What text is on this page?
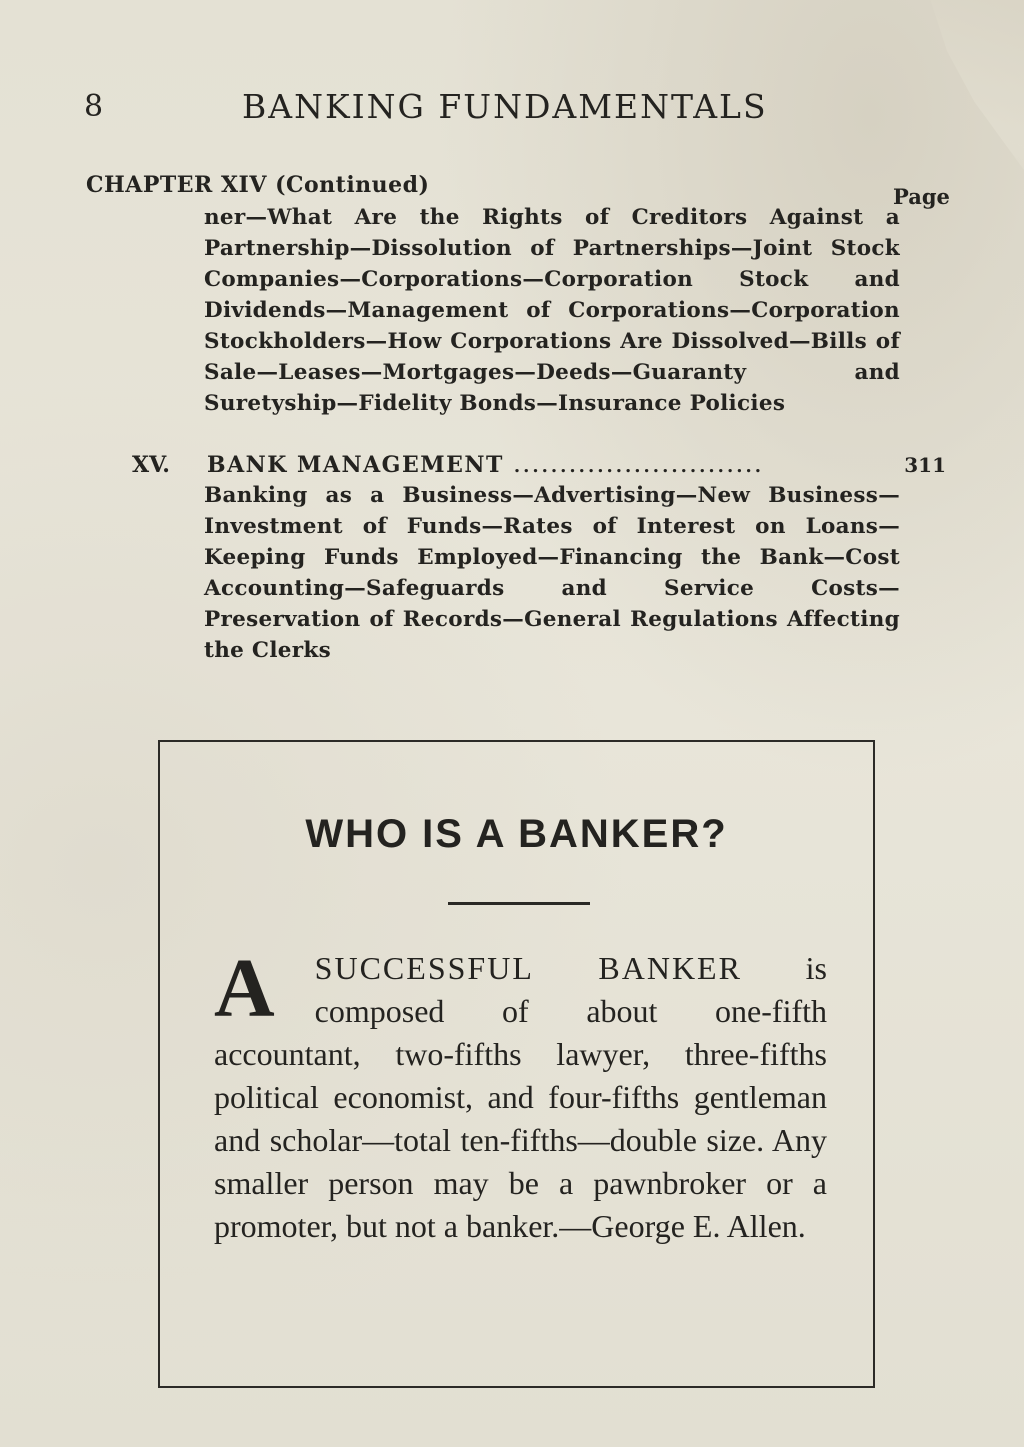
8	BANKING FUNDAMENTALS
Page
CHAPTER XIV (Continued)
ner—What Are the Rights of Creditors Against a Partnership—Dissolution of Partnerships—Joint Stock Companies—Corporations—Corporation Stock and Dividends—Management of Corporations—Corporation Stockholders—How Corporations Are Dissolved—Bills of Sale—Leases—Mortgages—Deeds—Guaranty and Suretyship—Fidelity Bonds—Insurance Policies
XV.	BANK MANAGEMENT ...........................	311
Banking as a Business—Advertising—New Business—Investment of Funds—Rates of Interest on Loans—Keeping Funds Employed—Financing the Bank—Cost Accounting—Safeguards and Service Costs—Preservation of Records—General Regulations Affecting the Clerks
WHO IS A BANKER?
A SUCCESSFUL BANKER is composed of about one-fifth accountant, two-fifths lawyer, three-fifths political economist, and four-fifths gentleman and scholar—total ten-fifths—double size. Any smaller person may be a pawnbroker or a promoter, but not a banker.—George E. Allen.
